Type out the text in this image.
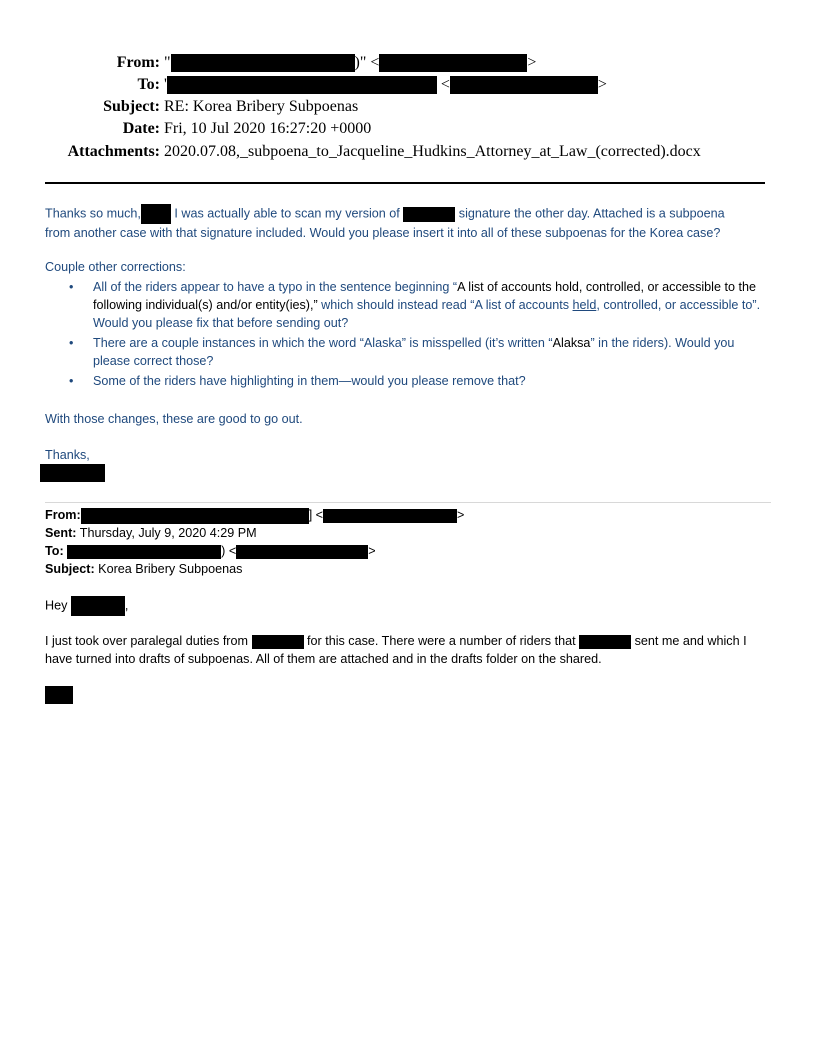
From: "	)" <	>
To: '	<	>
Subject: RE: Korea Bribery Subpoenas
Date: Fri, 10 Jul 2020 16:27:20 +0000
Attachments: 2020.07.08,_subpoena_to_Jacqueline_Hudkins_Attorney_at_Law_(corrected).docx
Thanks so much, I was actually able to scan my version of	signature the other day. Attached is a subpoena
from another case with that signature included. Would you please insert it into all of these subpoenas for the Korea case?
Couple other corrections:
• All of the riders appear to have a typo in the sentence beginning “A list of accounts hold, controlled, or accessible to the following individual(s) and/or entity(ies),” which should instead read “A list of accounts held, controlled, or accessible to”. Would you please fix that before sending out?
• There are a couple instances in which the word “Alaska” is misspelled (it’s written “Alaksa” in the riders). Would you please correct those?
• Some of the riders have highlighting in them—would you please remove that?
With those changes, these are good to go out.
Thanks,
From:	] <	>
Sent: Thursday, July 9, 2020 4:29 PM
To:	) <	>
Subject: Korea Bribery Subpoenas
Hey	,
I just took over paralegal duties from	for this case. There were a number of riders that	sent me and which I have turned into drafts of subpoenas. All of them are attached and in the drafts folder on the shared.
